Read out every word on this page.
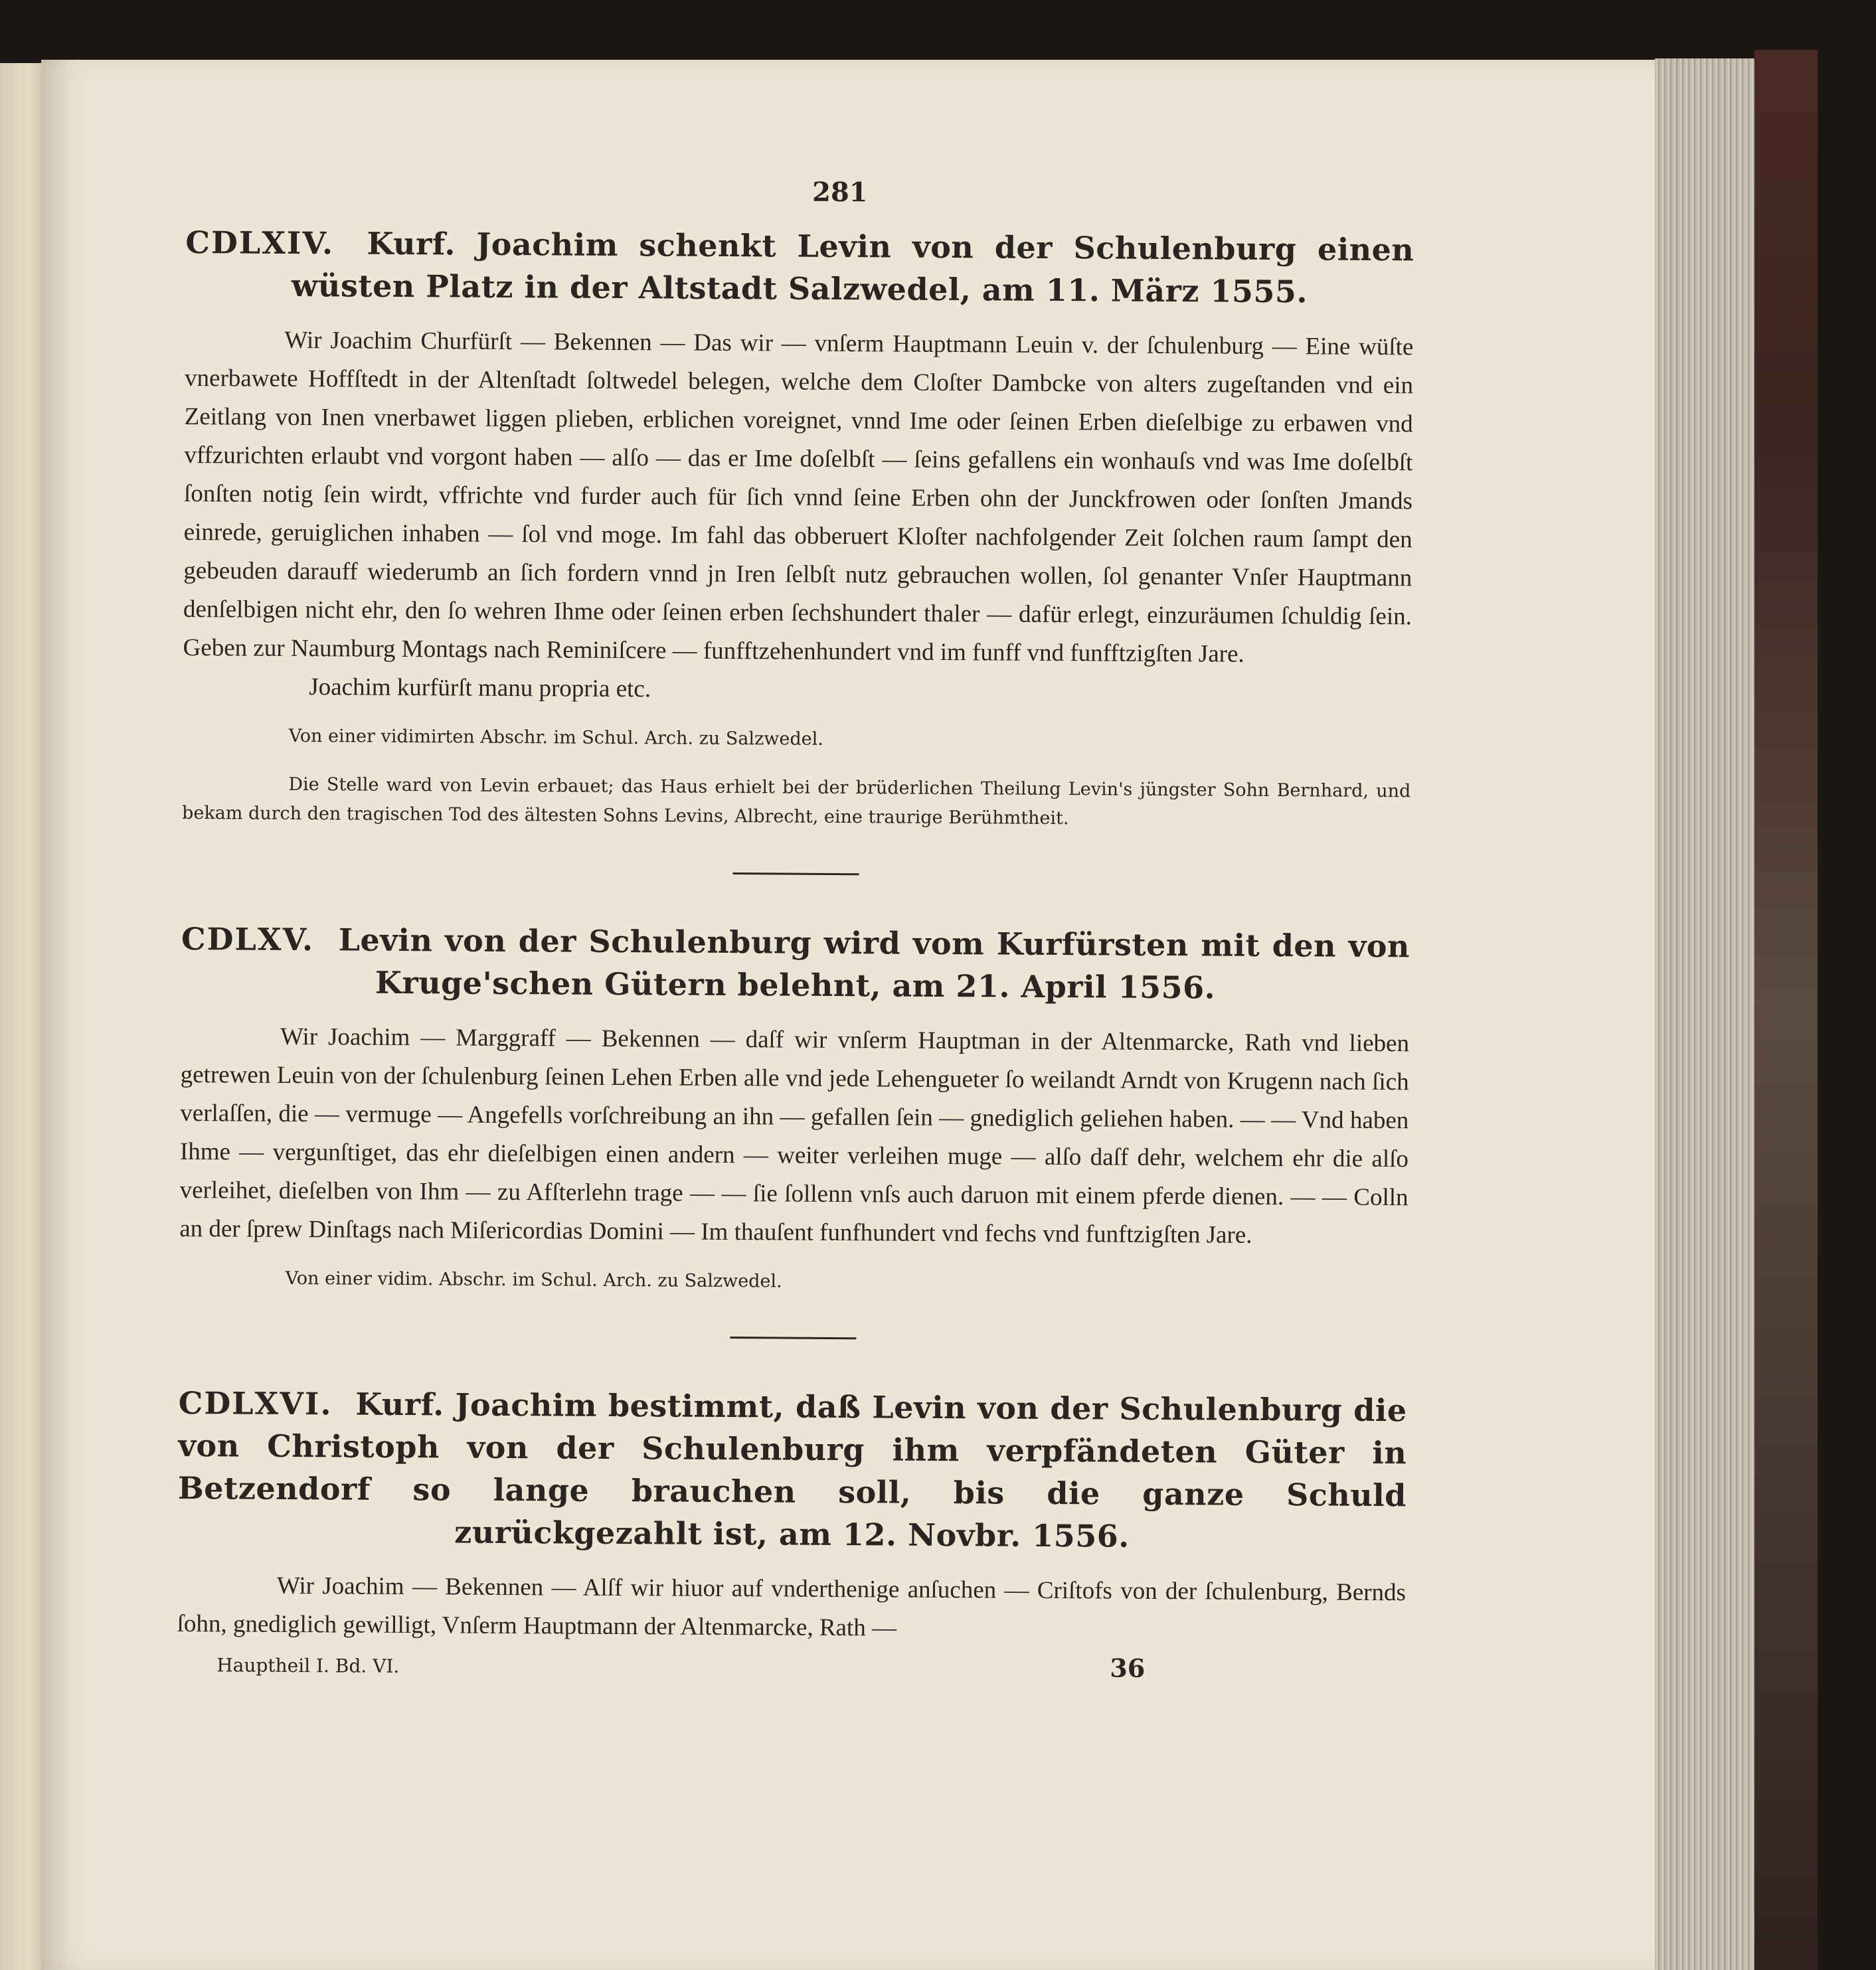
281
CDLXIV. Kurf. Joachim schenkt Levin von der Schulenburg einen wüsten Platz in der Altstadt Salzwedel, am 11. März 1555.

Wir Joachim Churfürſt — Bekennen — Das wir — vnſerm Hauptmann Leuin v. der ſchulenburg — Eine wüſte vnerbawete Hoffſtedt in der Altenſtadt ſoltwedel belegen, welche dem Cloſter Dambcke von alters zugeſtanden vnd ein Zeitlang von Inen vnerbawet liggen plieben, erblichen voreignet, vnnd Ime oder ſeinen Erben dieſelbige zu erbawen vnd vffzurichten erlaubt vnd vorgont haben — alſo — das er Ime doſelbſt — ſeins gefallens ein wonhauſs vnd was Ime doſelbſt ſonſten notig ſein wirdt, vffrichte vnd furder auch für ſich vnnd ſeine Erben ohn der Junckfrowen oder ſonſten Jmands einrede, geruiglichen inhaben — ſol vnd moge. Im fahl das obberuert Kloſter nachfolgender Zeit ſolchen raum ſampt den gebeuden darauff wiederumb an ſich fordern vnnd jn Iren ſelbſt nutz gebrauchen wollen, ſol genanter Vnſer Hauptmann denſelbigen nicht ehr, den ſo wehren Ihme oder ſeinen erben ſechshundert thaler — dafür erlegt, einzuräumen ſchuldig ſein. Geben zur Naumburg Montags nach Reminiſcere — funfftzehenhundert vnd im funff vnd funfftzigſten Jare.

Joachim kurfürſt manu propria etc.

Von einer vidimirten Abschr. im Schul. Arch. zu Salzwedel.

Die Stelle ward von Levin erbauet; das Haus erhielt bei der brüderlichen Theilung Levin's jüngster Sohn Bernhard, und bekam durch den tragischen Tod des ältesten Sohns Levins, Albrecht, eine traurige Berühmtheit.

CDLXV. Levin von der Schulenburg wird vom Kurfürsten mit den von Kruge'schen Gütern belehnt, am 21. April 1556.

Wir Joachim — Marggraff — Bekennen — daſf wir vnſerm Hauptman in der Altenmarcke, Rath vnd lieben getrewen Leuin von der ſchulenburg ſeinen Lehen Erben alle vnd jede Lehengueter ſo weilandt Arndt von Krugenn nach ſich verlaſſen, die — vermuge — Angefells vorſchreibung an ihn — gefallen ſein — gnediglich geliehen haben. — — Vnd haben Ihme — vergunſtiget, das ehr dieſelbigen einen andern — weiter verleihen muge — alſo daſf dehr, welchem ehr die alſo verleihet, dieſelben von Ihm — zu Afſterlehn trage — — ſie ſollenn vnſs auch daruon mit einem pferde dienen. — — Colln an der ſprew Dinſtags nach Miſericordias Domini — Im thauſent funfhundert vnd fechs vnd funftzigſten Jare.

Von einer vidim. Abschr. im Schul. Arch. zu Salzwedel.

CDLXVI. Kurf. Joachim bestimmt, daß Levin von der Schulenburg die von Christoph von der Schulenburg ihm verpfändeten Güter in Betzendorf so lange brauchen soll, bis die ganze Schuld zurückgezahlt ist, am 12. Novbr. 1556.

Wir Joachim — Bekennen — Alſf wir hiuor auf vnderthenige anſuchen — Criſtofs von der ſchulenburg, Bernds ſohn, gnediglich gewilligt, Vnſerm Hauptmann der Altenmarcke, Rath —

Hauptheil I. Bd. VI.	36
